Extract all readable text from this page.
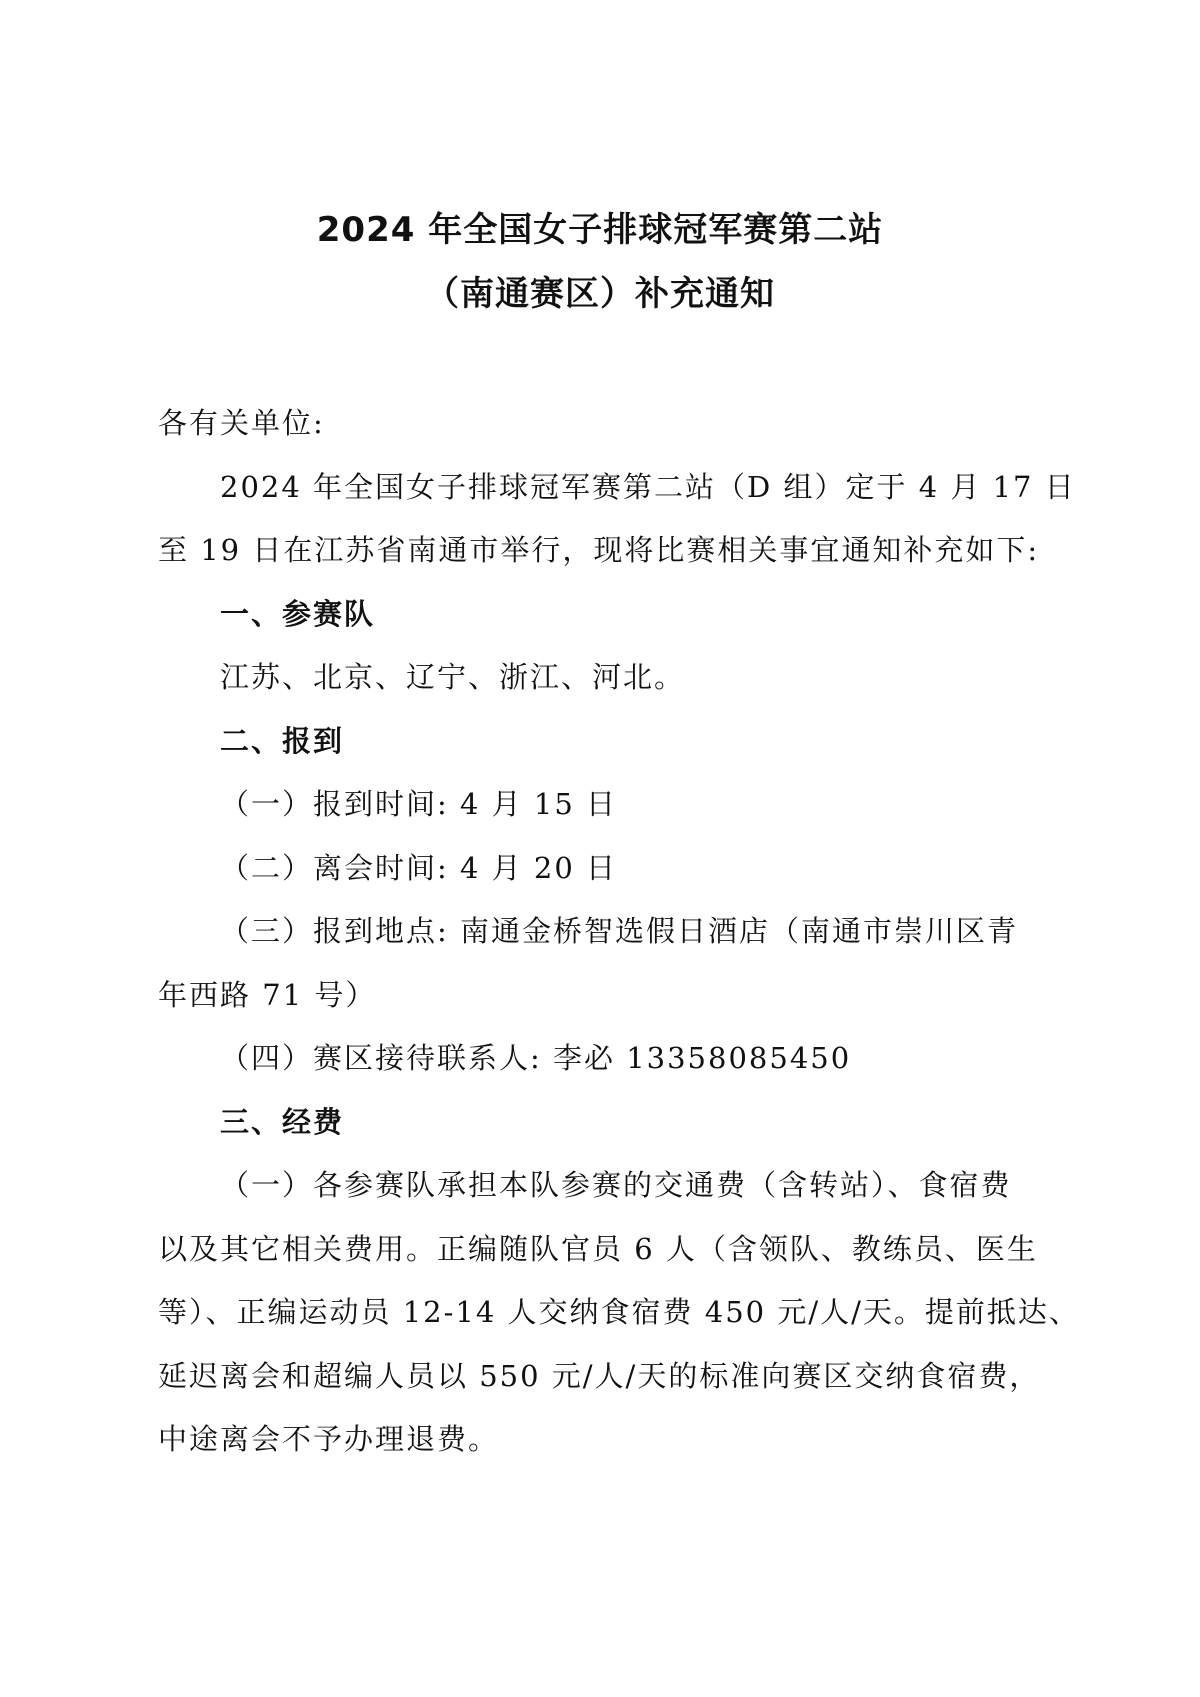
2024 年全国女子排球冠军赛第二站
（南通赛区）补充通知
各有关单位:
2024 年全国女子排球冠军赛第二站（D 组）定于 4 月 17 日
至 19 日在江苏省南通市举行，现将比赛相关事宜通知补充如下:
一、参赛队
江苏、北京、辽宁、浙江、河北。
二、报到
（一）报到时间: 4 月 15 日
（二）离会时间: 4 月 20 日
（三）报到地点: 南通金桥智选假日酒店（南通市崇川区青
年西路 71 号）
（四）赛区接待联系人: 李必 13358085450
三、经费
（一）各参赛队承担本队参赛的交通费（含转站）、食宿费
以及其它相关费用。正编随队官员 6 人（含领队、教练员、医生
等）、正编运动员 12-14 人交纳食宿费 450 元/人/天。提前抵达、
延迟离会和超编人员以 550 元/人/天的标准向赛区交纳食宿费，
中途离会不予办理退费。
